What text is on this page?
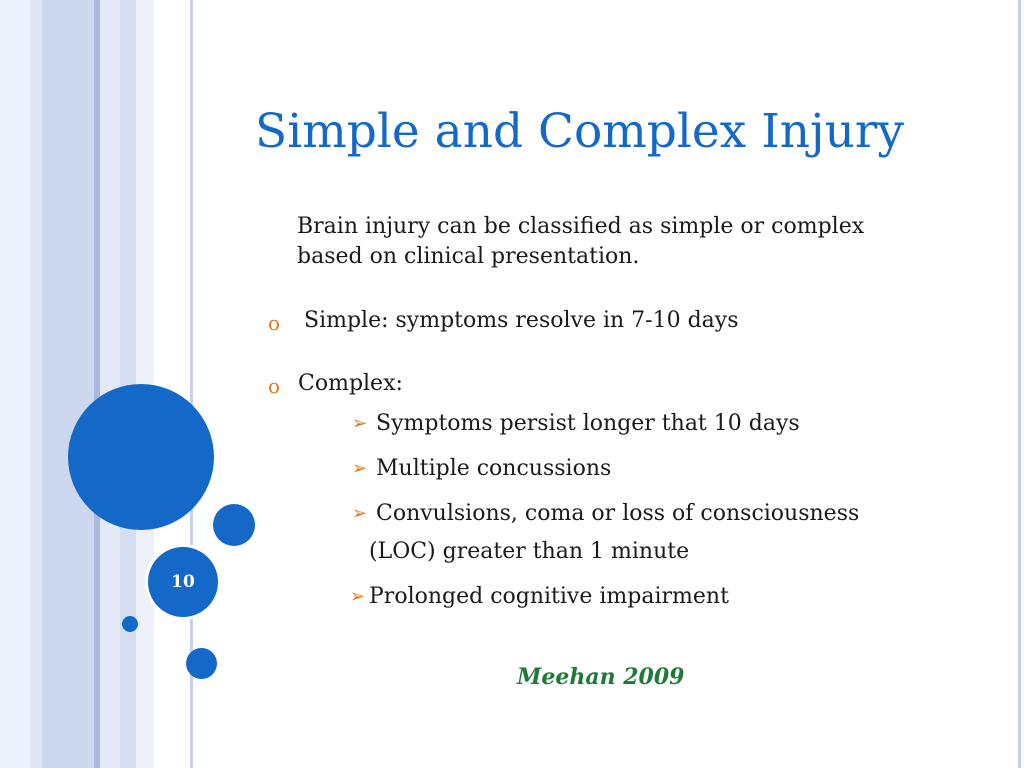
10
Simple and Complex Injury
Brain injury can be classified as simple or complex
based on clinical presentation.
o Simple: symptoms resolve in 7-10 days
o Complex:
➢ Symptoms persist longer that 10 days
➢ Multiple concussions
➢ Convulsions, coma or loss of consciousness
(LOC) greater than 1 minute
➢ Prolonged cognitive impairment
Meehan 2009
